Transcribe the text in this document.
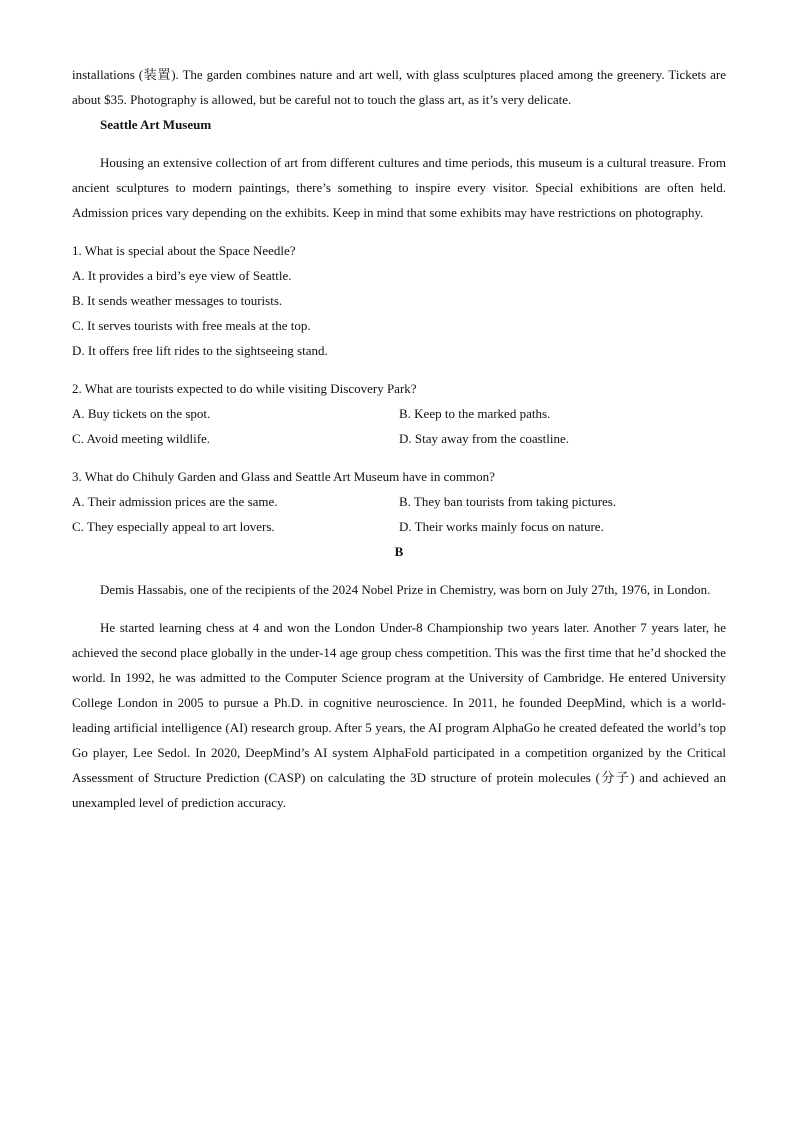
installations (装置). The garden combines nature and art well, with glass sculptures placed among the greenery. Tickets are about $35. Photography is allowed, but be careful not to touch the glass art, as it’s very delicate.

Seattle Art Museum

Housing an extensive collection of art from different cultures and time periods, this museum is a cultural treasure. From ancient sculptures to modern paintings, there’s something to inspire every visitor. Special exhibitions are often held. Admission prices vary depending on the exhibits. Keep in mind that some exhibits may have restrictions on photography.

1. What is special about the Space Needle?

A. It provides a bird’s eye view of Seattle.

B. It sends weather messages to tourists.

C. It serves tourists with free meals at the top.

D. It offers free lift rides to the sightseeing stand.

2. What are tourists expected to do while visiting Discovery Park?

A. Buy tickets on the spot.	B. Keep to the marked paths.
C. Avoid meeting wildlife.	D. Stay away from the coastline.

3. What do Chihuly Garden and Glass and Seattle Art Museum have in common?

A. Their admission prices are the same.	B. They ban tourists from taking pictures.
C. They especially appeal to art lovers.	D. Their works mainly focus on nature.

B

Demis Hassabis, one of the recipients of the 2024 Nobel Prize in Chemistry, was born on July 27th, 1976, in London.

He started learning chess at 4 and won the London Under-8 Championship two years later. Another 7 years later, he achieved the second place globally in the under-14 age group chess competition. This was the first time that he’d shocked the world. In 1992, he was admitted to the Computer Science program at the University of Cambridge. He entered University College London in 2005 to pursue a Ph.D. in cognitive neuroscience. In 2011, he founded DeepMind, which is a world-leading artificial intelligence (AI) research group. After 5 years, the AI program AlphaGo he created defeated the world’s top Go player, Lee Sedol. In 2020, DeepMind’s AI system AlphaFold participated in a competition organized by the Critical Assessment of Structure Prediction (CASP) on calculating the 3D structure of protein molecules (分子) and achieved an unexampled level of prediction accuracy.
